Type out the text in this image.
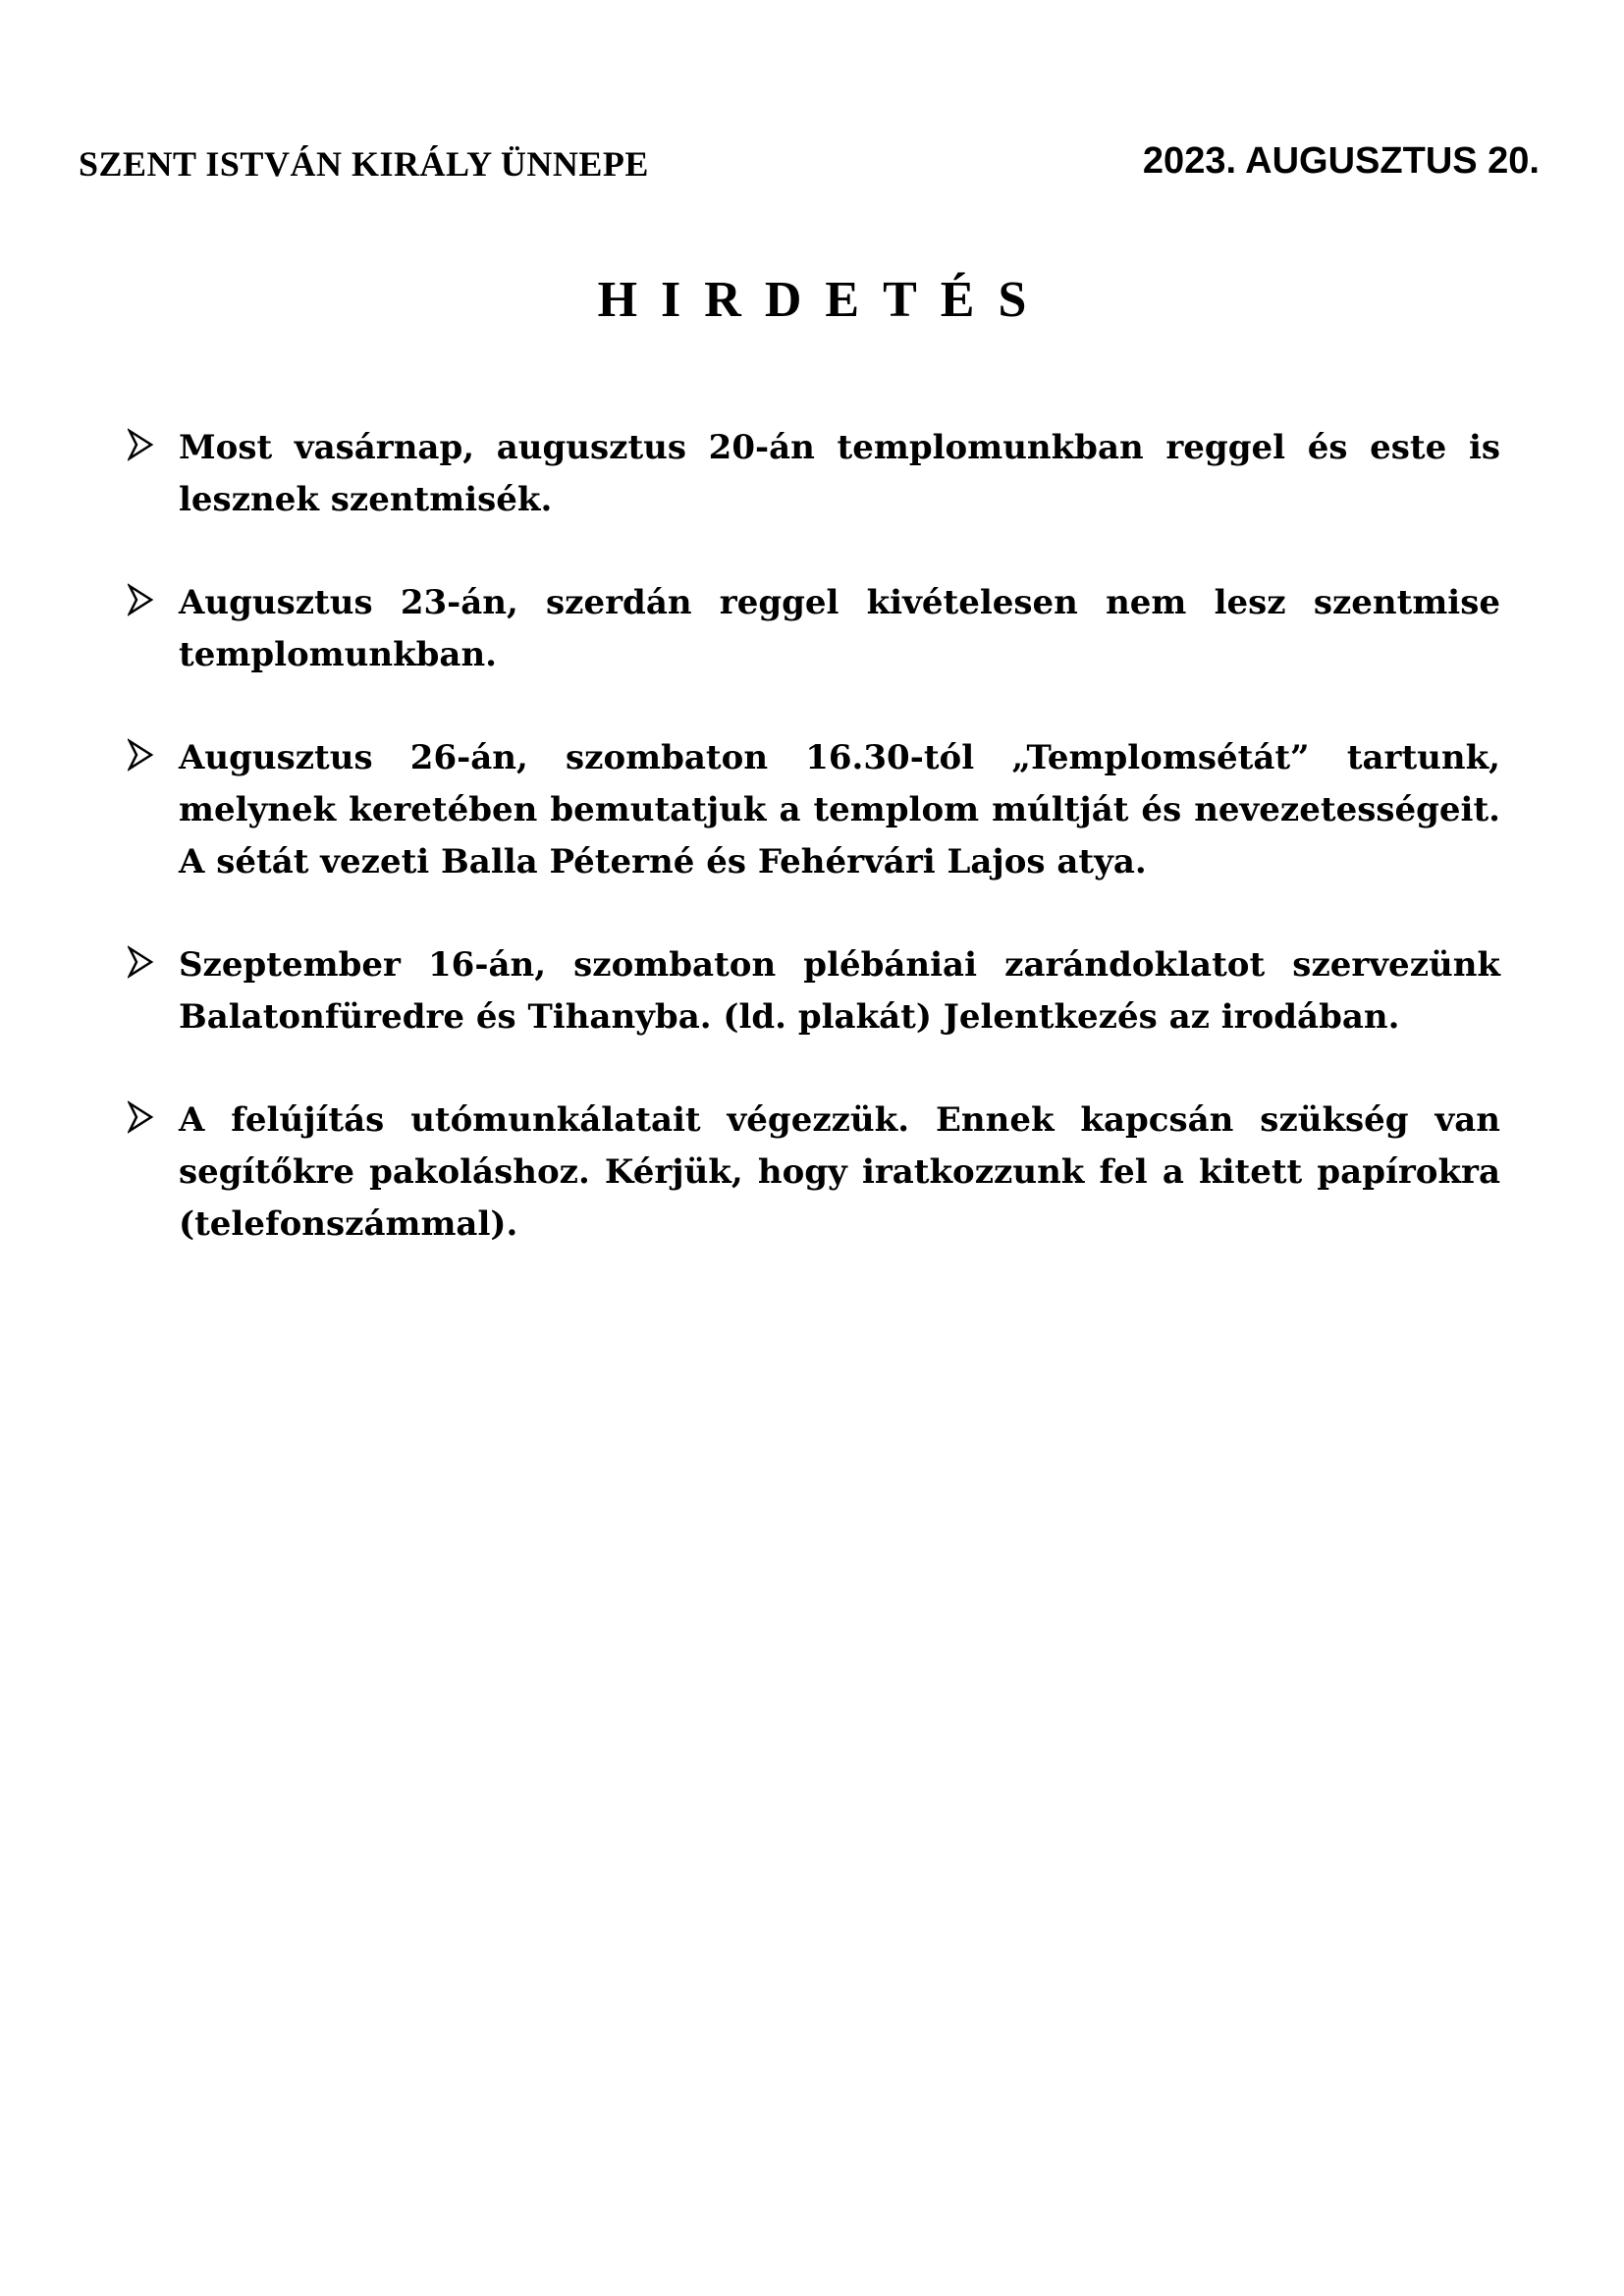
SZENT ISTVÁN KIRÁLY ÜNNEPE	2023. AUGUSZTUS 20.
HIRDETÉS
Most vasárnap, augusztus 20-án templomunkban reggel és este is lesznek szentmisék.
Augusztus 23-án, szerdán reggel kivételesen nem lesz szentmise templomunkban.
Augusztus 26-án, szombaton 16.30-tól „Templomsétát” tartunk, melynek keretében bemutatjuk a templom múltját és nevezetességeit. A sétát vezeti Balla Péterné és Fehérvári Lajos atya.
Szeptember 16-án, szombaton plébániai zarándoklatot szervezünk Balatonfüredre és Tihanyba. (ld. plakát) Jelentkezés az irodában.
A felújítás utómunkálatait végezzük. Ennek kapcsán szükség van segítőkre pakoláshoz. Kérjük, hogy iratkozzunk fel a kitett papírokra (telefonszámmal).
